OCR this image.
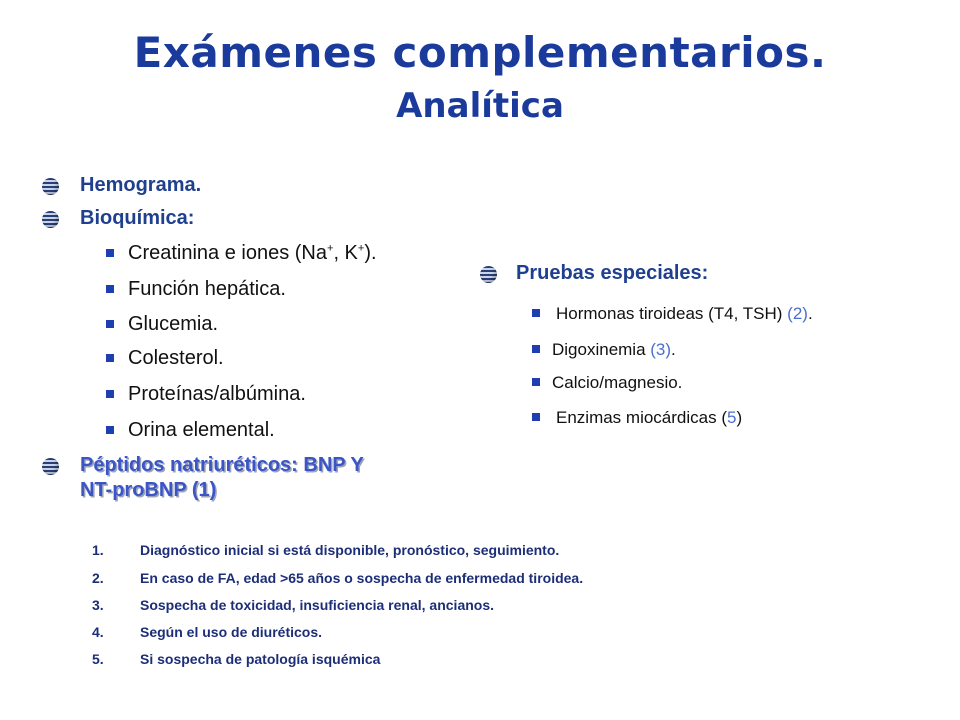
Exámenes complementarios.
Analítica
Hemograma.
Bioquímica:
Creatinina e iones (Na+, K+).
Función hepática.
Glucemia.
Colesterol.
Proteínas/albúmina.
Orina elemental.
Péptidos natriuréticos: BNP Y
NT-proBNP (1)
Pruebas especiales:
Hormonas tiroideas (T4, TSH) (2).
Digoxinemia (3).
Calcio/magnesio.
Enzimas miocárdicas (5)
1.	Diagnóstico inicial si está disponible, pronóstico, seguimiento.
2.	En caso de FA, edad >65 años o sospecha de enfermedad tiroidea.
3.	Sospecha de toxicidad, insuficiencia renal, ancianos.
4.	Según el uso de diuréticos.
5.	Si sospecha de patología isquémica
